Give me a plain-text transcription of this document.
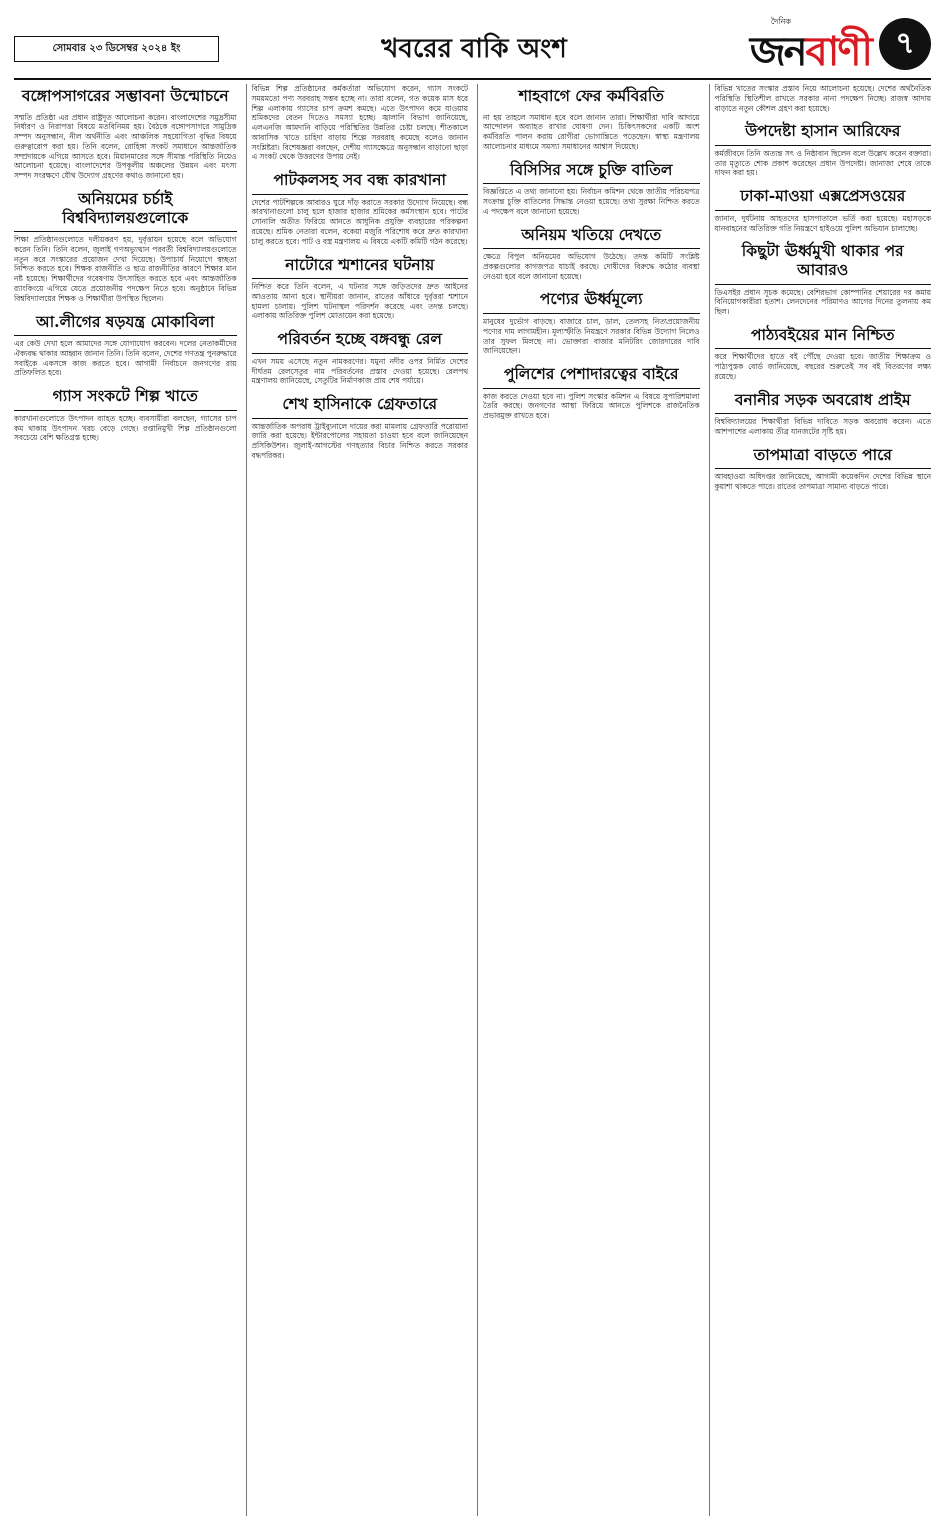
সোমবার ২৩ ডিসেম্বর ২০২৪ ইং	খবরের বাকি অংশ
দৈনিক
জনবাণী ৭
বঙ্গোপসাগরের সম্ভাবনা উন্মোচনে
সম্মতি প্রতিষ্ঠা এর প্রধান রাষ্ট্রদূত আলোচনা করেন। বাংলাদেশের সমুদ্রসীমা নির্ধারণ ও নিরাপত্তা বিষয়ে মতবিনিময় হয়। বৈঠকে বঙ্গোপসাগরে সামুদ্রিক সম্পদ অনুসন্ধান, নীল অর্থনীতি এবং আঞ্চলিক সহযোগিতা বৃদ্ধির বিষয়ে গুরুত্বারোপ করা হয়। তিনি বলেন, রোহিঙ্গা সংকট সমাধানে আন্তর্জাতিক সম্প্রদায়কে এগিয়ে আসতে হবে। মিয়ানমারের সঙ্গে সীমান্ত পরিস্থিতি নিয়েও আলোচনা হয়েছে। বাংলাদেশের উপকূলীয় অঞ্চলের উন্নয়ন এবং মৎস্য সম্পদ সংরক্ষণে যৌথ উদ্যোগ গ্রহণের কথাও জানানো হয়।
অনিয়মের চর্চাই বিশ্ববিদ্যালয়গুলোকে
শিক্ষা প্রতিষ্ঠানগুলোতে দলীয়করণ হয়, দুর্বৃত্তায়ন হয়েছে বলে অভিযোগ করেন তিনি। তিনি বলেন, জুলাই গণঅভ্যুত্থান পরবর্তী বিশ্ববিদ্যালয়গুলোতে নতুন করে সংস্কারের প্রয়োজন দেখা দিয়েছে। উপাচার্য নিয়োগে স্বচ্ছতা নিশ্চিত করতে হবে। শিক্ষক রাজনীতি ও ছাত্র রাজনীতির কারণে শিক্ষার মান নষ্ট হয়েছে। শিক্ষার্থীদের গবেষণায় উৎসাহিত করতে হবে এবং আন্তর্জাতিক র‍্যাংকিংয়ে এগিয়ে যেতে প্রয়োজনীয় পদক্ষেপ নিতে হবে। অনুষ্ঠানে বিভিন্ন বিশ্ববিদ্যালয়ের শিক্ষক ও শিক্ষার্থীরা উপস্থিত ছিলেন।
আ.লীগের ষড়যন্ত্র মোকাবিলা
এর কেউ দেখা হলে আমাদের সঙ্গে যোগাযোগ করবেন। দলের নেতাকর্মীদের ঐক্যবদ্ধ থাকার আহ্বান জানান তিনি। তিনি বলেন, দেশের গণতন্ত্র পুনরুদ্ধারে সবাইকে একসঙ্গে কাজ করতে হবে। আগামী নির্বাচনে জনগণের রায় প্রতিফলিত হবে।
গ্যাস সংকটে শিল্প খাতে
কারখানাগুলোতে উৎপাদন ব্যাহত হচ্ছে। ব্যবসায়ীরা বলছেন, গ্যাসের চাপ কম থাকায় উৎপাদন খরচ বেড়ে গেছে। রপ্তানিমুখী শিল্প প্রতিষ্ঠানগুলো সবচেয়ে বেশি ক্ষতিগ্রস্ত হচ্ছে।
বিভিন্ন শিল্প প্রতিষ্ঠানের কর্মকর্তারা অভিযোগ করেন, গ্যাস সংকটে সময়মতো পণ্য সরবরাহ সম্ভব হচ্ছে না। তারা বলেন, গত কয়েক মাস ধরে শিল্প এলাকায় গ্যাসের চাপ ক্রমশ কমছে। এতে উৎপাদন কমে যাওয়ায় শ্রমিকদের বেতন দিতেও সমস্যা হচ্ছে। জ্বালানি বিভাগ জানিয়েছে, এলএনজি আমদানি বাড়িয়ে পরিস্থিতির উন্নতির চেষ্টা চলছে। শীতকালে আবাসিক খাতে চাহিদা বাড়ায় শিল্পে সরবরাহ কমেছে বলেও জানান সংশ্লিষ্টরা। বিশেষজ্ঞরা বলছেন, দেশীয় গ্যাসক্ষেত্রে অনুসন্ধান বাড়ানো ছাড়া এ সংকট থেকে উত্তরণের উপায় নেই।
পাটকলসহ সব বন্ধ কারখানা
দেশের পাটশিল্পকে আবারও ঘুরে দাঁড় করাতে সরকার উদ্যোগ নিয়েছে। বন্ধ কারখানাগুলো চালু হলে হাজার হাজার শ্রমিকের কর্মসংস্থান হবে। পাটের সোনালি অতীত ফিরিয়ে আনতে আধুনিক প্রযুক্তি ব্যবহারের পরিকল্পনা রয়েছে। শ্রমিক নেতারা বলেন, বকেয়া মজুরি পরিশোধ করে দ্রুত কারখানা চালু করতে হবে। পাট ও বস্ত্র মন্ত্রণালয় এ বিষয়ে একটি কমিটি গঠন করেছে।
নাটোরে শ্মশানের ঘটনায়
নিশ্চিত করে তিনি বলেন, এ ঘটনার সঙ্গে জড়িতদের দ্রুত আইনের আওতায় আনা হবে। স্থানীয়রা জানান, রাতের আঁধারে দুর্বৃত্তরা শ্মশানে হামলা চালায়। পুলিশ ঘটনাস্থল পরিদর্শন করেছে এবং তদন্ত চলছে। এলাকায় অতিরিক্ত পুলিশ মোতায়েন করা হয়েছে।
পরিবর্তন হচ্ছে বঙ্গবন্ধু রেল
এখন সময় এসেছে নতুন নামকরণের। যমুনা নদীর ওপর নির্মিত দেশের দীর্ঘতম রেলসেতুর নাম পরিবর্তনের প্রস্তাব দেওয়া হয়েছে। রেলপথ মন্ত্রণালয় জানিয়েছে, সেতুটির নির্মাণকাজ প্রায় শেষ পর্যায়ে।
শেখ হাসিনাকে গ্রেফতারে
আন্তর্জাতিক অপরাধ ট্রাইব্যুনালে দায়ের করা মামলায় গ্রেফতারি পরোয়ানা জারি করা হয়েছে। ইন্টারপোলের সহায়তা চাওয়া হবে বলে জানিয়েছেন প্রসিকিউশন। জুলাই-আগস্টের গণহত্যার বিচার নিশ্চিত করতে সরকার বদ্ধপরিকর।
শাহবাগে ফের কর্মবিরতি
না হয় তাহলে সমাধান হবে বলে জানান তারা। শিক্ষার্থীরা দাবি আদায়ে আন্দোলন অব্যাহত রাখার ঘোষণা দেন। চিকিৎসকদের একটি অংশ কর্মবিরতি পালন করায় রোগীরা ভোগান্তিতে পড়েছেন। স্বাস্থ্য মন্ত্রণালয় আলোচনার মাধ্যমে সমস্যা সমাধানের আশ্বাস দিয়েছে।
বিসিসির সঙ্গে চুক্তি বাতিল
বিজ্ঞপ্তিতে এ তথ্য জানানো হয়। নির্বাচন কমিশন থেকে জাতীয় পরিচয়পত্র সংক্রান্ত চুক্তি বাতিলের সিদ্ধান্ত নেওয়া হয়েছে। তথ্য সুরক্ষা নিশ্চিত করতে এ পদক্ষেপ বলে জানানো হয়েছে।
অনিয়ম খতিয়ে দেখতে
ক্ষেত্রে বিপুল অনিয়মের অভিযোগ উঠেছে। তদন্ত কমিটি সংশ্লিষ্ট প্রকল্পগুলোর কাগজপত্র যাচাই করছে। দোষীদের বিরুদ্ধে কঠোর ব্যবস্থা নেওয়া হবে বলে জানানো হয়েছে।
পণ্যের ঊর্ধ্বমূল্যে
মানুষের দুর্ভোগ বাড়ছে। বাজারে চাল, ডাল, তেলসহ নিত্যপ্রয়োজনীয় পণ্যের দাম লাগামহীন। মূল্যস্ফীতি নিয়ন্ত্রণে সরকার বিভিন্ন উদ্যোগ নিলেও তার সুফল মিলছে না। ভোক্তারা বাজার মনিটরিং জোরদারের দাবি জানিয়েছেন।
পুলিশের পেশাদারত্বের বাইরে
কাজ করতে দেওয়া হবে না। পুলিশ সংস্কার কমিশন এ বিষয়ে সুপারিশমালা তৈরি করছে। জনগণের আস্থা ফিরিয়ে আনতে পুলিশকে রাজনৈতিক প্রভাবমুক্ত রাখতে হবে।
বিভিন্ন খাতের সংস্কার প্রস্তাব নিয়ে আলোচনা হয়েছে। দেশের অর্থনৈতিক পরিস্থিতি স্থিতিশীল রাখতে সরকার নানা পদক্ষেপ নিচ্ছে। রাজস্ব আদায় বাড়াতে নতুন কৌশল গ্রহণ করা হয়েছে।
উপদেষ্টা হাসান আরিফের
কর্মজীবনে তিনি অত্যন্ত সৎ ও নিষ্ঠাবান ছিলেন বলে উল্লেখ করেন বক্তারা। তার মৃত্যুতে শোক প্রকাশ করেছেন প্রধান উপদেষ্টা। জানাজা শেষে তাকে দাফন করা হয়।
ঢাকা-মাওয়া এক্সপ্রেসওয়ের
জানান, দুর্ঘটনায় আহতদের হাসপাতালে ভর্তি করা হয়েছে। মহাসড়কে যানবাহনের অতিরিক্ত গতি নিয়ন্ত্রণে হাইওয়ে পুলিশ অভিযান চালাচ্ছে।
কিছুটা ঊর্ধ্বমুখী থাকার পর আবারও
ডিএসইর প্রধান সূচক কমেছে। বেশিরভাগ কোম্পানির শেয়ারের দর কমায় বিনিয়োগকারীরা হতাশ। লেনদেনের পরিমাণও আগের দিনের তুলনায় কম ছিল।
পাঠ্যবইয়ের মান নিশ্চিত
করে শিক্ষার্থীদের হাতে বই পৌঁছে দেওয়া হবে। জাতীয় শিক্ষাক্রম ও পাঠ্যপুস্তক বোর্ড জানিয়েছে, বছরের শুরুতেই সব বই বিতরণের লক্ষ্য রয়েছে।
বনানীর সড়ক অবরোধ প্রাইম
বিশ্ববিদ্যালয়ের শিক্ষার্থীরা বিভিন্ন দাবিতে সড়ক অবরোধ করেন। এতে আশপাশের এলাকায় তীব্র যানজটের সৃষ্টি হয়।
তাপমাত্রা বাড়তে পারে
আবহাওয়া অধিদপ্তর জানিয়েছে, আগামী কয়েকদিন দেশের বিভিন্ন স্থানে কুয়াশা থাকতে পারে। রাতের তাপমাত্রা সামান্য বাড়তে পারে।
